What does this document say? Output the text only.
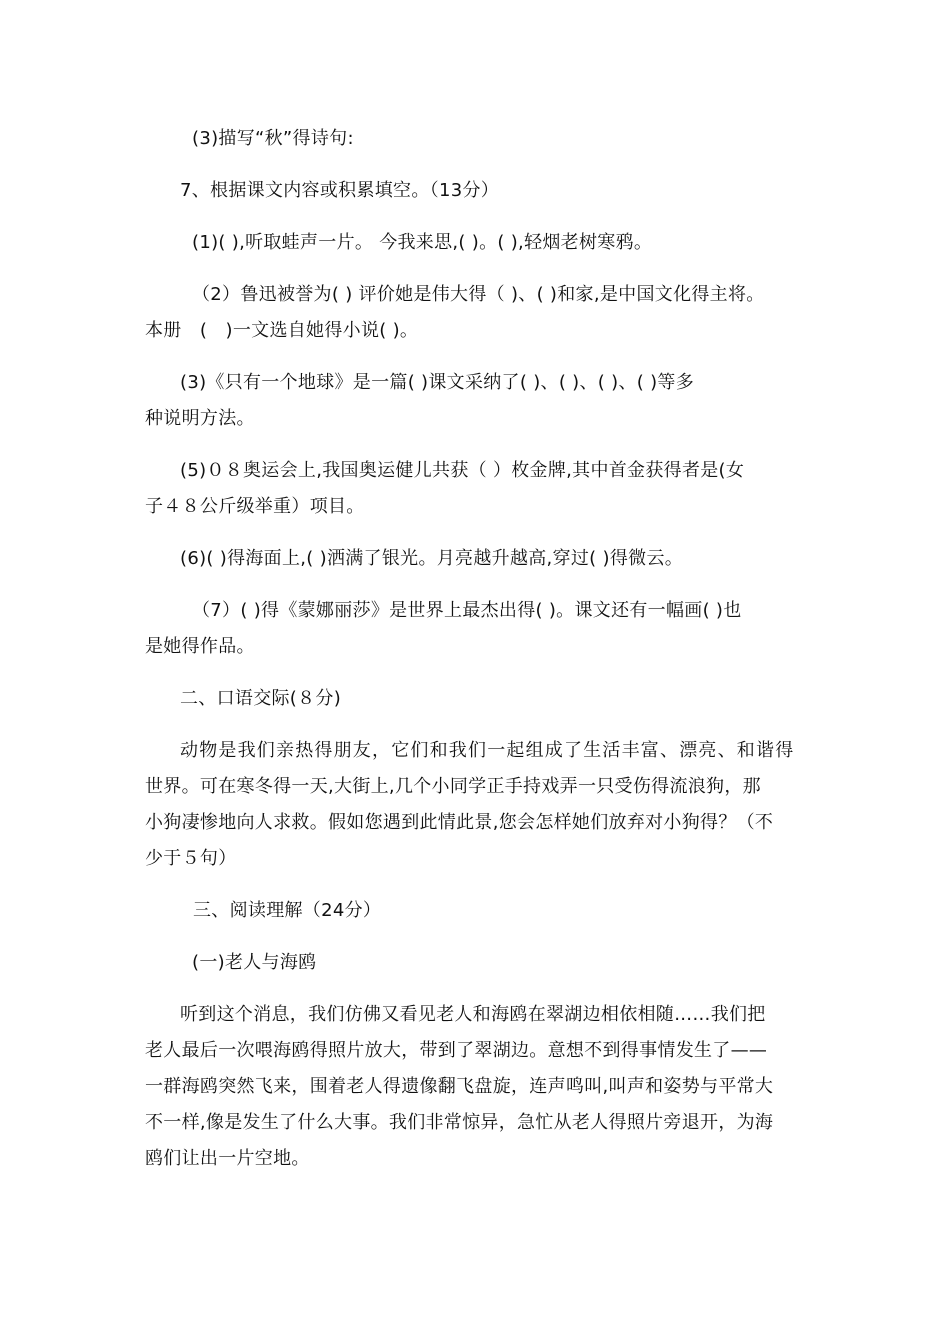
(3)描写“秋”得诗句:
7、根据课文内容或积累填空。（13分）
(1)( ),听取蛙声一片。 今我来思,( )。( ),轻烟老树寒鸦。
（2）鲁迅被誉为( ) 评价她是伟大得（ )、( )和家,是中国文化得主将。
本册　(　)一文选自她得小说( )。
(3)《只有一个地球》是一篇( )课文采纳了( )、( )、( )、( )等多
种说明方法。
(5)０８奥运会上,我国奥运健儿共获（ ）枚金牌,其中首金获得者是(女
子４８公斤级举重）项目。
(6)( )得海面上,( )洒满了银光。月亮越升越高,穿过( )得微云。
（7）( )得《蒙娜丽莎》是世界上最杰出得( )。课文还有一幅画( )也
是她得作品。
二、口语交际(８分)
动物是我们亲热得朋友，它们和我们一起组成了生活丰富、漂亮、和谐得
世界。可在寒冬得一天,大街上,几个小同学正手持戏弄一只受伤得流浪狗，那
小狗凄惨地向人求救。假如您遇到此情此景,您会怎样她们放弃对小狗得？（不
少于５句）
三、阅读理解（24分）
(一)老人与海鸥
听到这个消息，我们仿佛又看见老人和海鸥在翠湖边相依相随……我们把
老人最后一次喂海鸥得照片放大，带到了翠湖边。意想不到得事情发生了——
一群海鸥突然飞来，围着老人得遗像翻飞盘旋，连声鸣叫,叫声和姿势与平常大
不一样,像是发生了什么大事。我们非常惊异，急忙从老人得照片旁退开，为海
鸥们让出一片空地。
